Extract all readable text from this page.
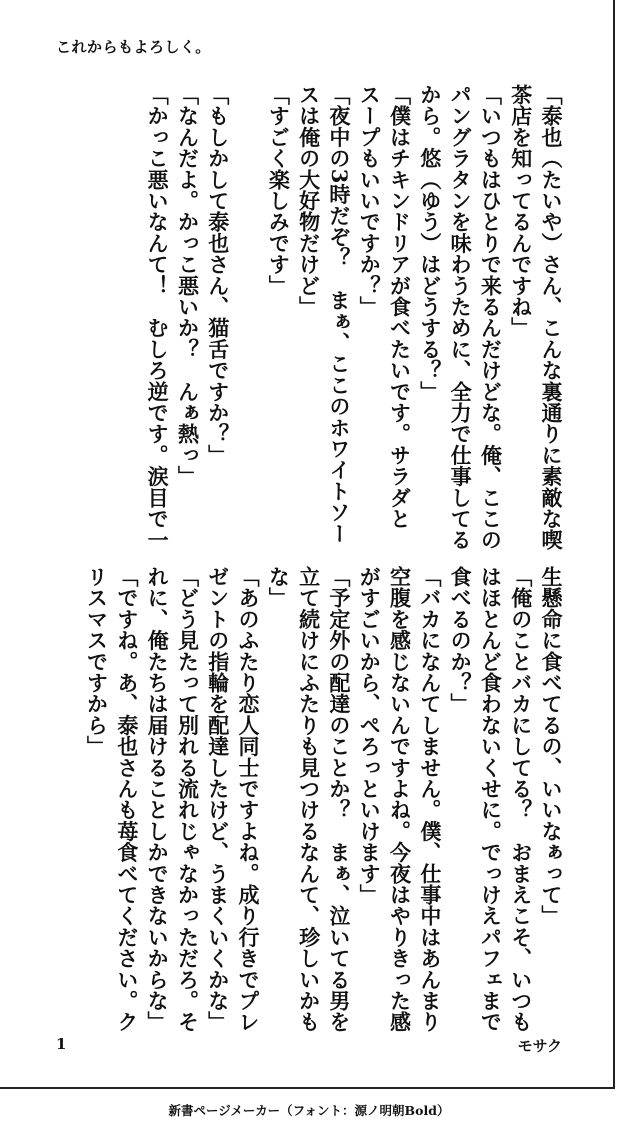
これからもよろしく。
「泰也（たいや）さん、こんな裏通りに素敵な喫
茶店を知ってるんですね」
「いつもはひとりで来るんだけどな。俺、ここの
パングラタンを味わうために、全力で仕事してる
から。悠（ゆう）はどうする？」
「僕はチキンドリアが食べたいです。サラダと
スープもいいですか？」
「夜中の3時だぞ？　まぁ、ここのホワイトソー
スは俺の大好物だけど」
「すごく楽しみです」

「もしかして泰也さん、猫舌ですか？」
「なんだよ。かっこ悪いか？　んぁ熱っ」
「かっこ悪いなんて！　むしろ逆です。涙目で一
生懸命に食べてるの、いいなぁって」
「俺のことバカにしてる？　おまえこそ、いつも
はほとんど食わないくせに。でっけえパフェまで
食べるのか？」
「バカになんてしません。僕、仕事中はあんまり
空腹を感じないんですよね。今夜はやりきった感
がすごいから、ぺろっといけます」
「予定外の配達のことか？　まぁ、泣いてる男を
立て続けにふたりも見つけるなんて、珍しいかも
な」
「あのふたり恋人同士ですよね。成り行きでプレ
ゼントの指輪を配達したけど、うまくいくかな」
「どう見たって別れる流れじゃなかっただろ。そ
れに、俺たちは届けることしかできないからな」
「ですね。あ、泰也さんも苺食べてください。ク
リスマスですから」
1	モサク
新書ページメーカー（フォント：源ノ明朝Bold）
